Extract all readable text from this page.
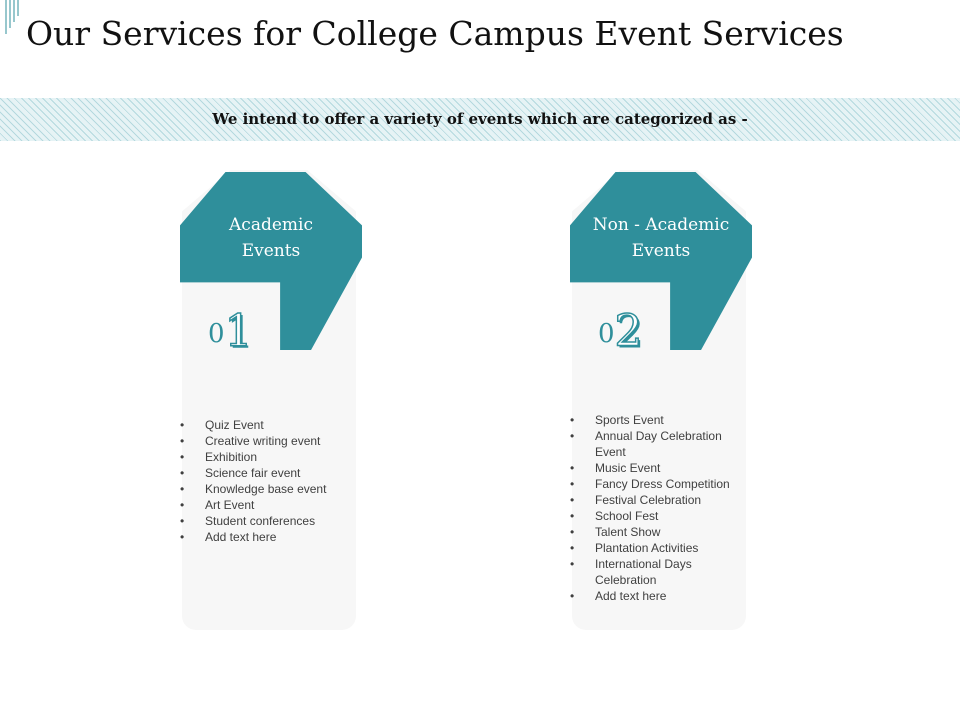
Our Services for College Campus Event Services
We intend to offer a variety of events which are categorized as -
Academic
Events
01
• Quiz Event
• Creative writing event
• Exhibition
• Science fair event
• Knowledge base event
• Art Event
• Student conferences
• Add text here
Non - Academic
Events
02
• Sports Event
• Annual Day Celebration Event
• Music Event
• Fancy Dress Competition
• Festival Celebration
• School Fest
• Talent Show
• Plantation Activities
• International Days Celebration
• Add text here
